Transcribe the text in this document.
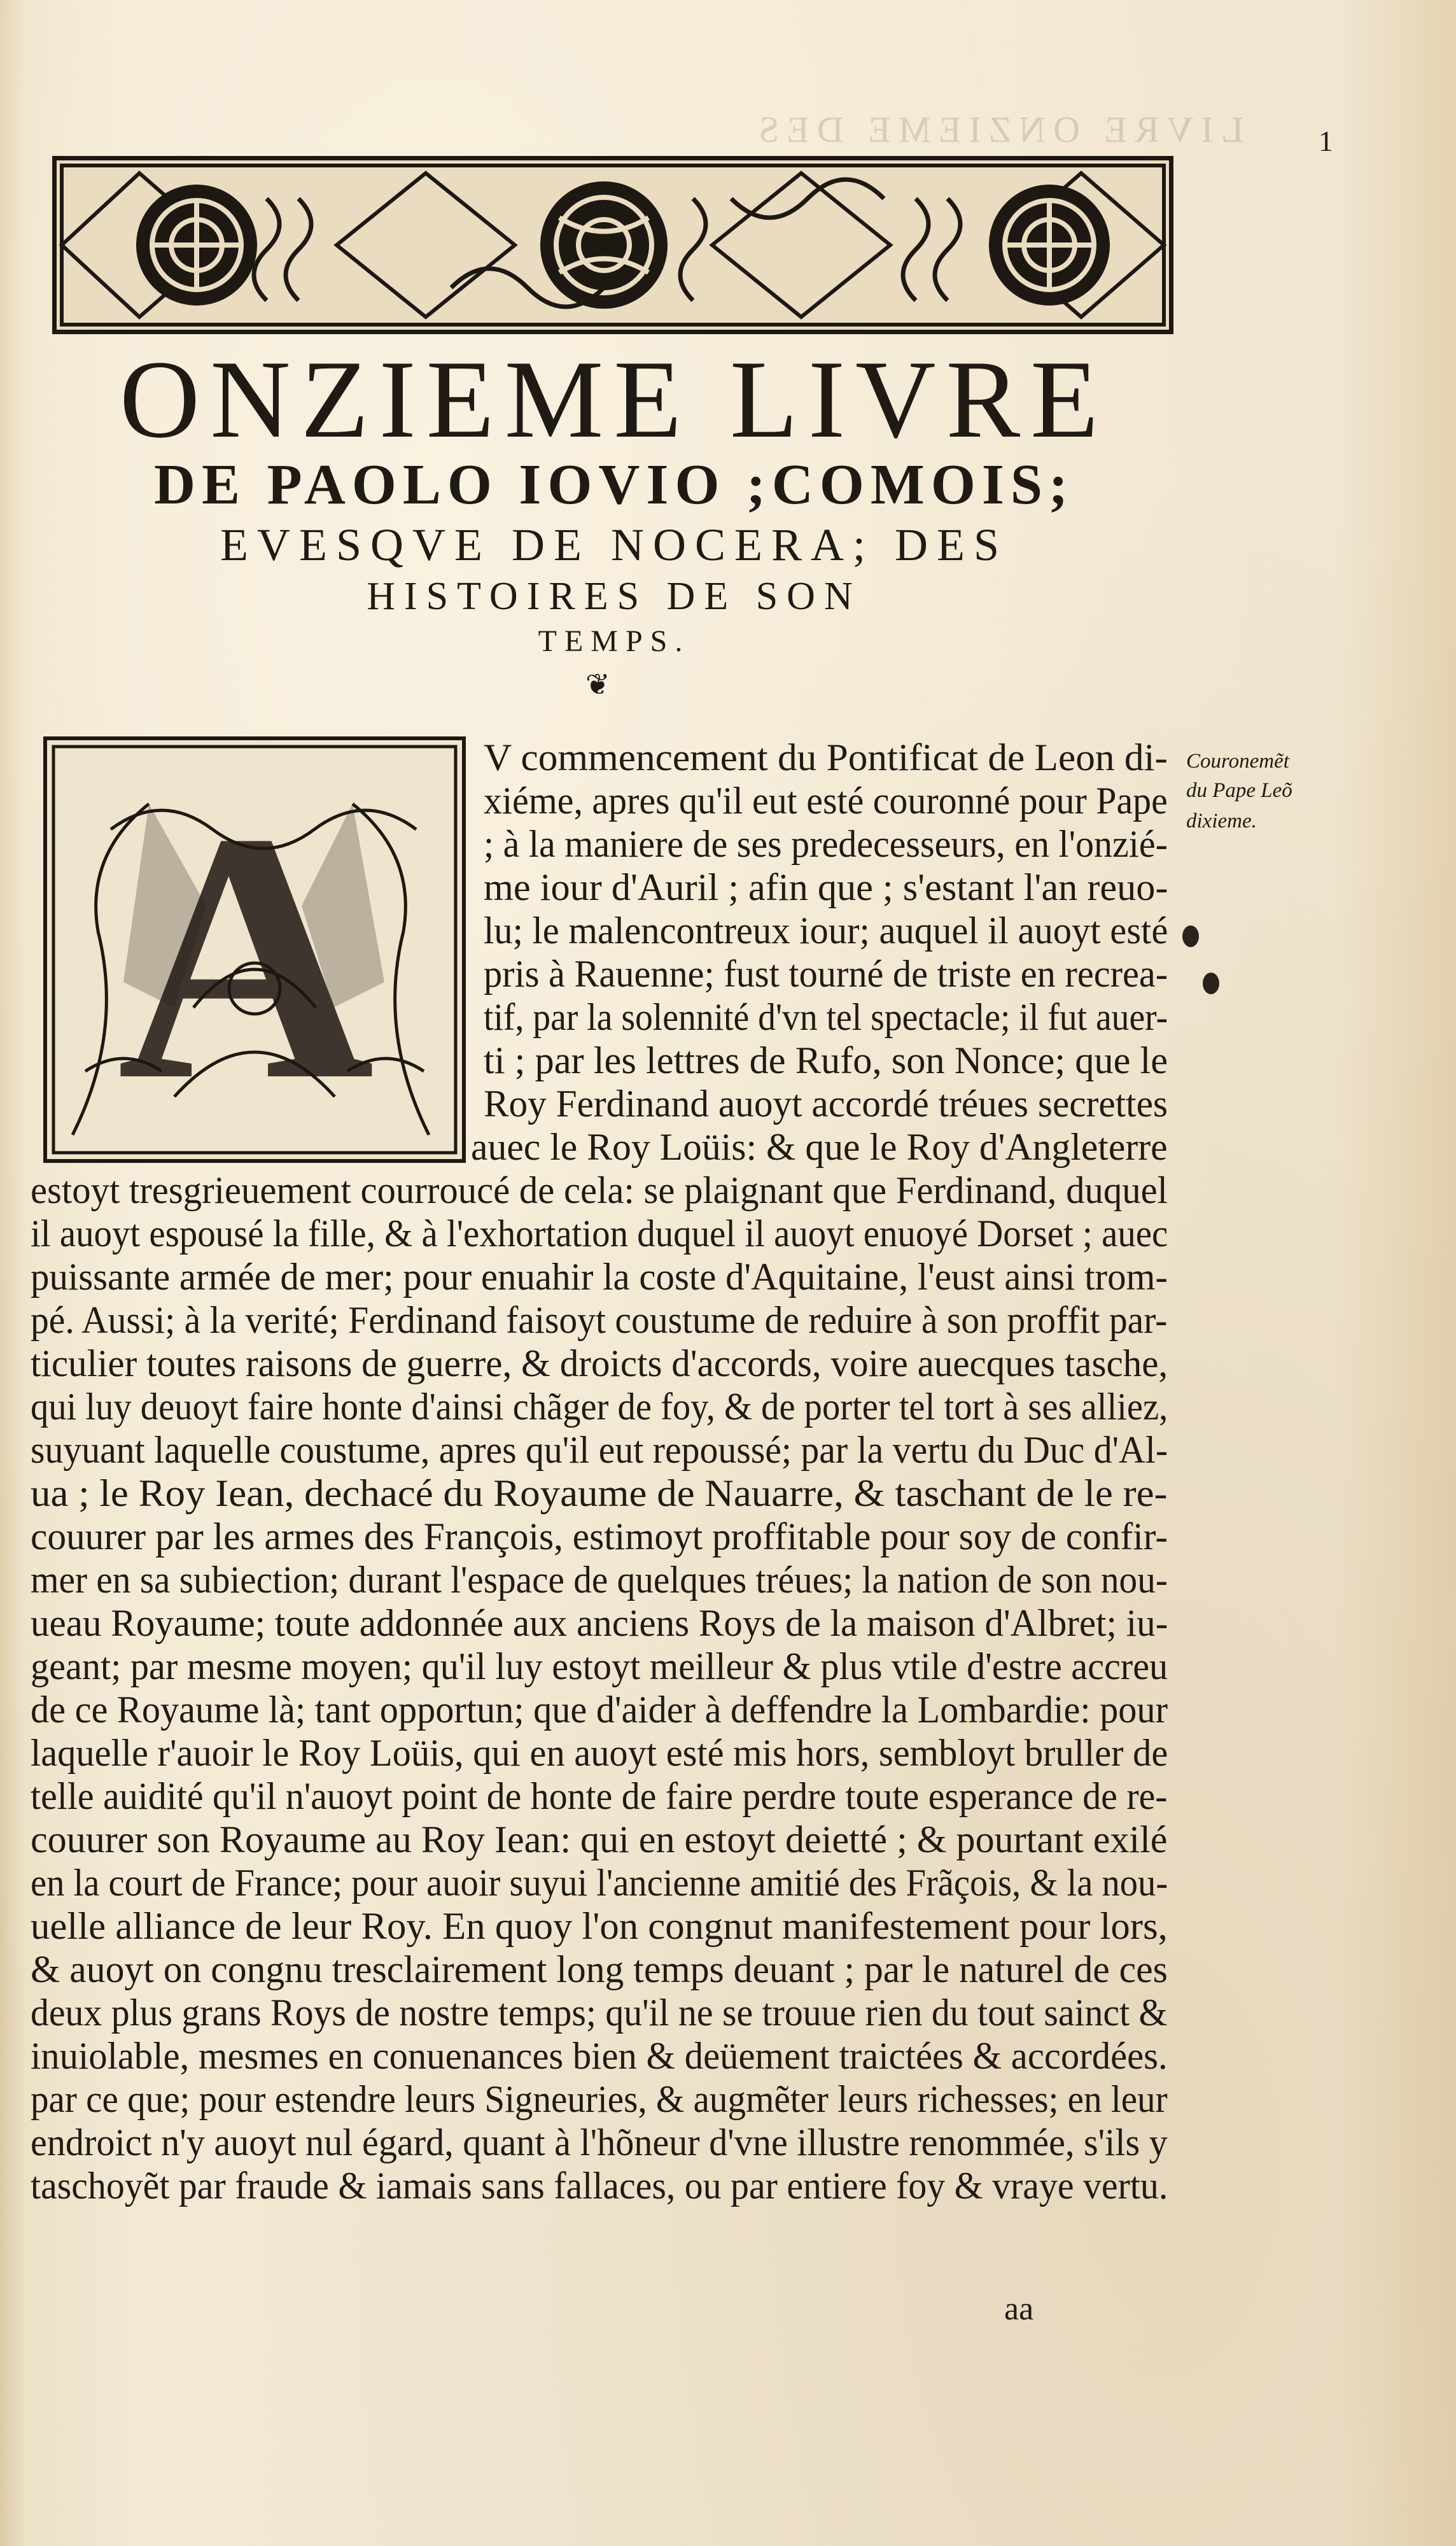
LIVRE ONZIEME DES	1
ONZIEME LIVRE
DE PAOLO IOVIO ;COMOIS;
EVESQVE DE NOCERA; DES
HISTOIRES DE SON
TEMPS.
❦
A
V commencement du Pontificat de Leon di-
xiéme, apres qu'il eut esté couronné pour Pape
; à la maniere de ses predecesseurs, en l'onzié-
me iour d'Auril ; afin que ; s'estant l'an reuo-
lu; le malencontreux iour; auquel il auoyt esté
pris à Rauenne; fust tourné de triste en recrea-
tif, par la solennité d'vn tel spectacle; il fut auer-
ti ; par les lettres de Rufo, son Nonce; que le
Roy Ferdinand auoyt accordé tréues secrettes
auec le Roy Loüis: & que le Roy d'Angleterre
estoyt tresgrieuement courroucé de cela: se plaignant que Ferdinand, duquel
il auoyt espousé la fille, & à l'exhortation duquel il auoyt enuoyé Dorset ; auec
puissante armée de mer; pour enuahir la coste d'Aquitaine, l'eust ainsi trom-
pé. Aussi; à la verité; Ferdinand faisoyt coustume de reduire à son proffit par-
ticulier toutes raisons de guerre, & droicts d'accords, voire auecques tasche,
qui luy deuoyt faire honte d'ainsi chãger de foy, & de porter tel tort à ses alliez,
suyuant laquelle coustume, apres qu'il eut repoussé; par la vertu du Duc d'Al-
ua ; le Roy Iean, dechacé du Royaume de Nauarre, & taschant de le re-
couurer par les armes des François, estimoyt proffitable pour soy de confir-
mer en sa subiection; durant l'espace de quelques tréues; la nation de son nou-
ueau Royaume; toute addonnée aux anciens Roys de la maison d'Albret; iu-
geant; par mesme moyen; qu'il luy estoyt meilleur & plus vtile d'estre accreu
de ce Royaume là; tant opportun; que d'aider à deffendre la Lombardie: pour
laquelle r'auoir le Roy Loüis, qui en auoyt esté mis hors, sembloyt bruller de
telle auidité qu'il n'auoyt point de honte de faire perdre toute esperance de re-
couurer son Royaume au Roy Iean: qui en estoyt deietté ; & pourtant exilé
en la court de France; pour auoir suyui l'ancienne amitié des Frãçois, & la nou-
uelle alliance de leur Roy. En quoy l'on congnut manifestement pour lors,
& auoyt on congnu tresclairement long temps deuant ; par le naturel de ces
deux plus grans Roys de nostre temps; qu'il ne se trouue rien du tout sainct &
inuiolable, mesmes en conuenances bien & deüement traictées & accordées.
par ce que; pour estendre leurs Signeuries, & augmẽter leurs richesses; en leur
endroict n'y auoyt nul égard, quant à l'hõneur d'vne illustre renommée, s'ils y
taschoyẽt par fraude & iamais sans fallaces, ou par entiere foy & vraye vertu.
Couronemẽt
du Pape Leõ
dixieme.
aa
